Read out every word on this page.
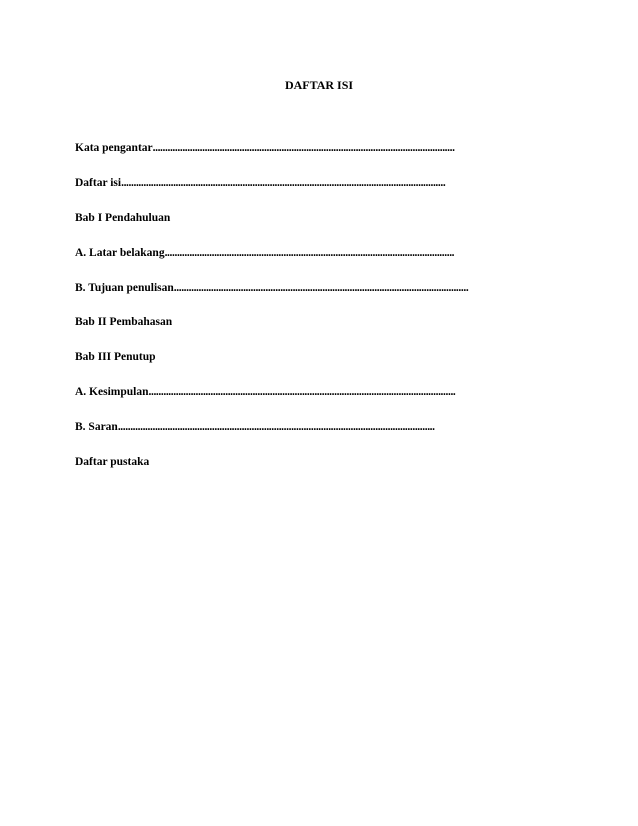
DAFTAR ISI
Kata pengantar ..........................................................................................................................
Daftar isi ...................................................................................................................................
Bab I Pendahuluan
A. Latar belakang .....................................................................................................................
B. Tujuan penulisan .......................................................................................................................
Bab II Pembahasan
Bab III Penutup
A. Kesimpulan ............................................................................................................................
B. Saran ................................................................................................................................
Daftar pustaka
